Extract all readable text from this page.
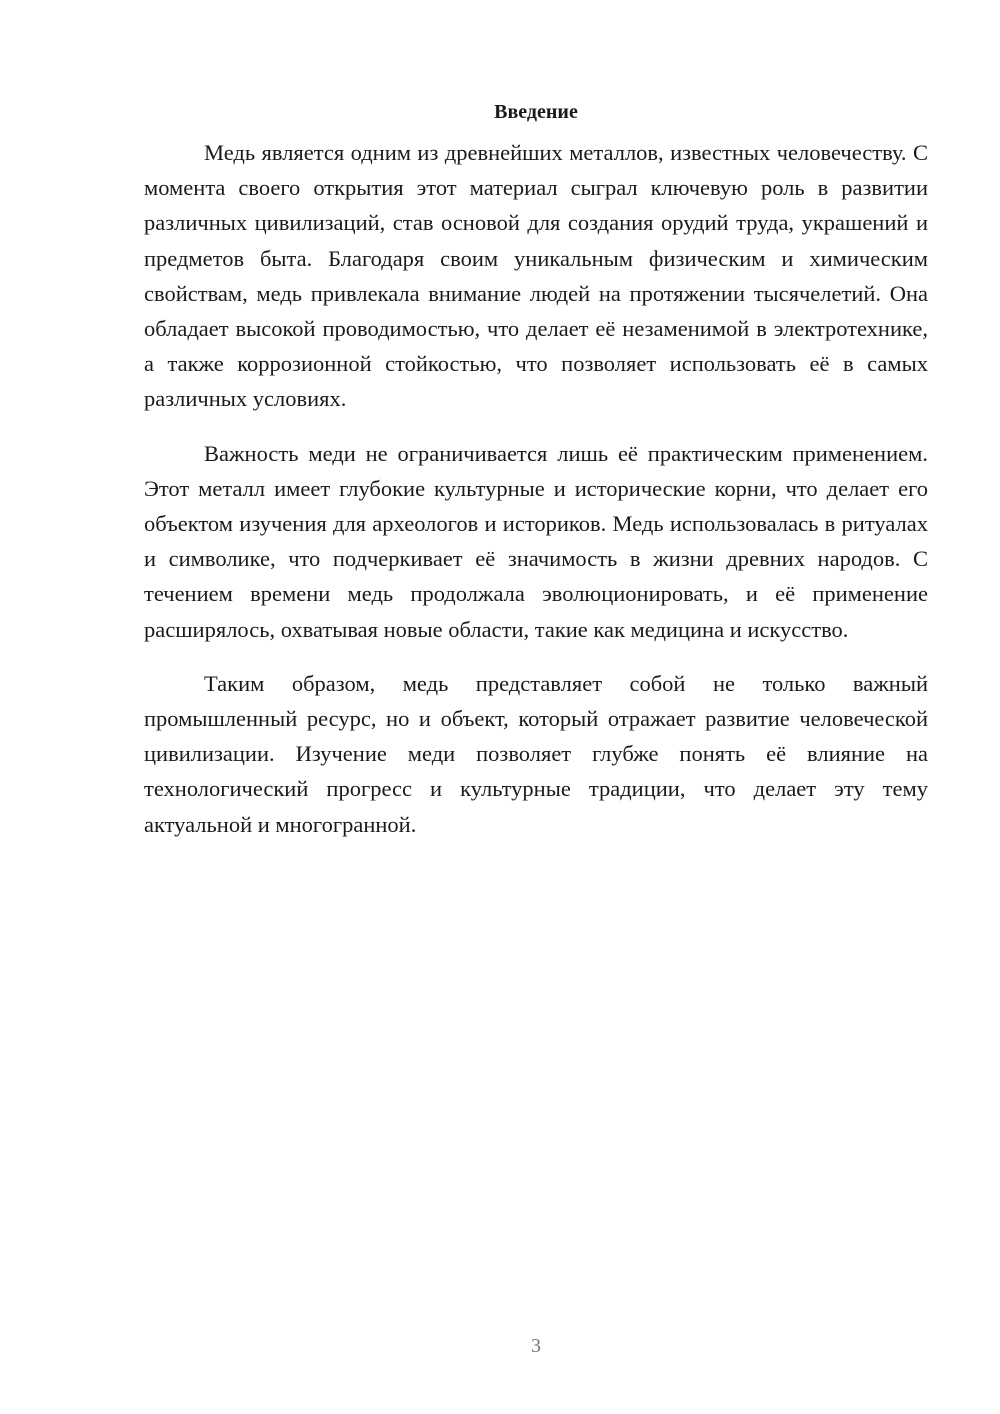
Введение

Медь является одним из древнейших металлов, известных человечеству. С момента своего открытия этот материал сыграл ключевую роль в развитии различных цивилизаций, став основой для создания орудий труда, украшений и предметов быта. Благодаря своим уникальным физическим и химическим свойствам, медь привлекала внимание людей на протяжении тысячелетий. Она обладает высокой проводимостью, что делает её незаменимой в электротехнике, а также коррозионной стойкостью, что позволяет использовать её в самых различных условиях.

Важность меди не ограничивается лишь её практическим применением. Этот металл имеет глубокие культурные и исторические корни, что делает его объектом изучения для археологов и историков. Медь использовалась в ритуалах и символике, что подчеркивает её значимость в жизни древних народов. С течением времени медь продолжала эволюционировать, и её применение расширялось, охватывая новые области, такие как медицина и искусство.

Таким образом, медь представляет собой не только важный промышленный ресурс, но и объект, который отражает развитие человеческой цивилизации. Изучение меди позволяет глубже понять её влияние на технологический прогресс и культурные традиции, что делает эту тему актуальной и многогранной.

3
